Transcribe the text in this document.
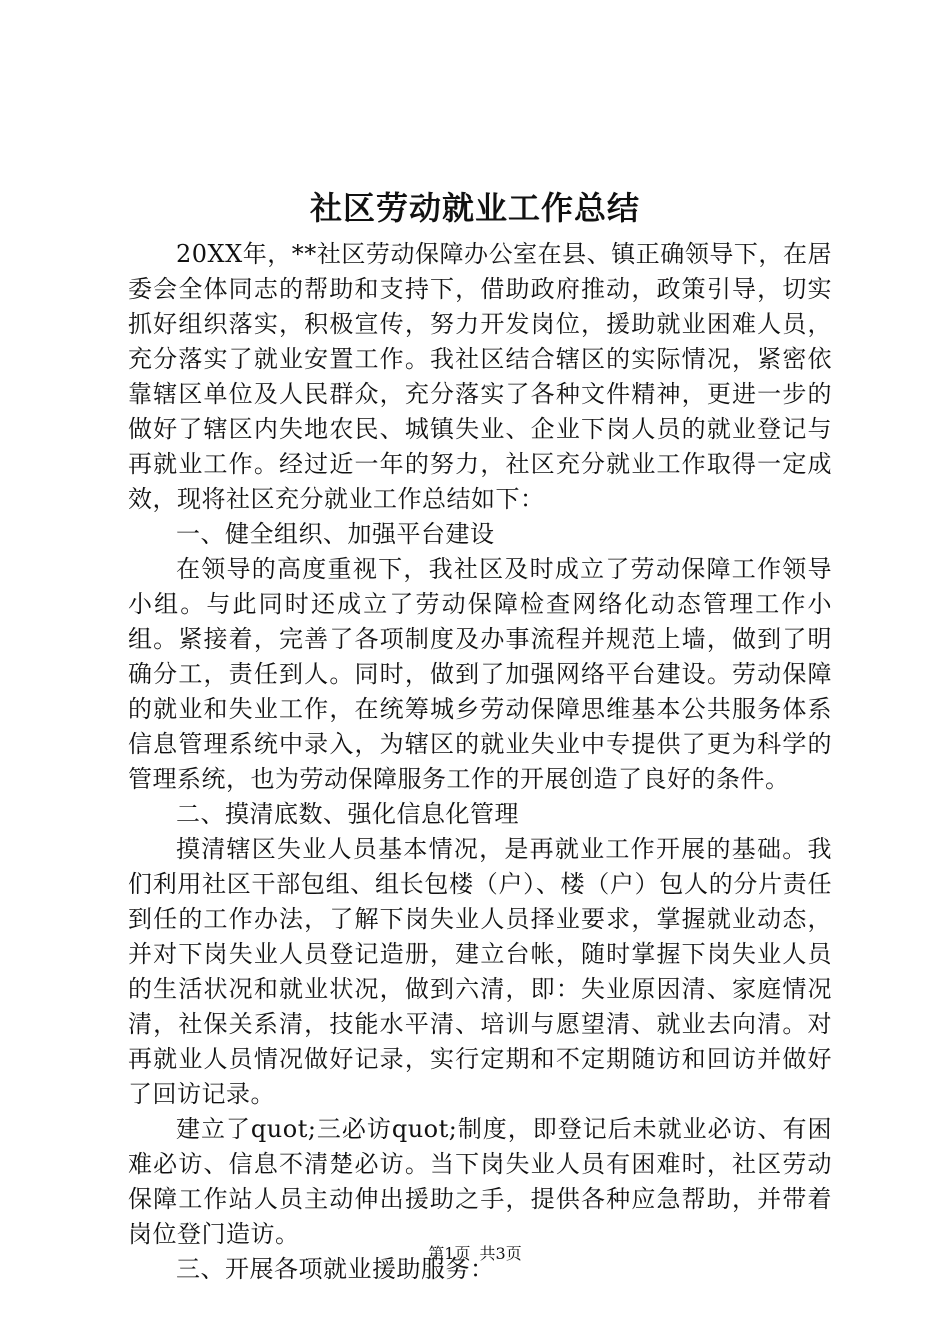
社区劳动就业工作总结

20XX年，**社区劳动保障办公室在县、镇正确领导下，在居委会全体同志的帮助和支持下，借助政府推动，政策引导，切实抓好组织落实，积极宣传，努力开发岗位，援助就业困难人员，充分落实了就业安置工作。我社区结合辖区的实际情况，紧密依靠辖区单位及人民群众，充分落实了各种文件精神，更进一步的做好了辖区内失地农民、城镇失业、企业下岗人员的就业登记与再就业工作。经过近一年的努力，社区充分就业工作取得一定成效，现将社区充分就业工作总结如下：

一、健全组织、加强平台建设

在领导的高度重视下，我社区及时成立了劳动保障工作领导小组。与此同时还成立了劳动保障检查网络化动态管理工作小组。紧接着，完善了各项制度及办事流程并规范上墙，做到了明确分工，责任到人。同时，做到了加强网络平台建设。劳动保障的就业和失业工作，在统筹城乡劳动保障思维基本公共服务体系信息管理系统中录入，为辖区的就业失业中专提供了更为科学的管理系统，也为劳动保障服务工作的开展创造了良好的条件。

二、摸清底数、强化信息化管理

摸清辖区失业人员基本情况，是再就业工作开展的基础。我们利用社区干部包组、组长包楼（户）、楼（户）包人的分片责任到任的工作办法，了解下岗失业人员择业要求，掌握就业动态，并对下岗失业人员登记造册，建立台帐，随时掌握下岗失业人员的生活状况和就业状况，做到六清，即：失业原因清、家庭情况清，社保关系清，技能水平清、培训与愿望清、就业去向清。对再就业人员情况做好记录，实行定期和不定期随访和回访并做好了回访记录。

建立了quot;三必访quot;制度，即登记后未就业必访、有困难必访、信息不清楚必访。当下岗失业人员有困难时，社区劳动保障工作站人员主动伸出援助之手，提供各种应急帮助，并带着岗位登门造访。

三、开展各项就业援助服务：

第1页 共3页
